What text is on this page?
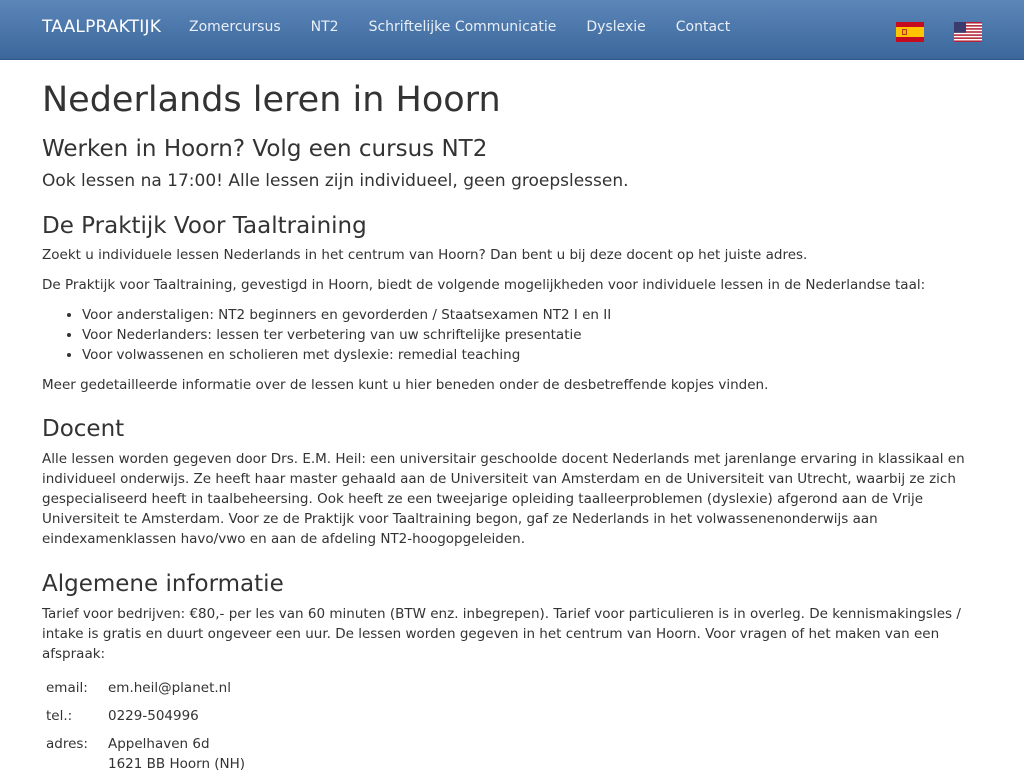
TAALPRAKTIJK	Zomercursus	NT2	Schriftelijke Communicatie	Dyslexie	Contact
Nederlands leren in Hoorn
Werken in Hoorn? Volg een cursus NT2

Ook lessen na 17:00! Alle lessen zijn individueel, geen groepslessen.

De Praktijk Voor Taaltraining

Zoekt u individuele lessen Nederlands in het centrum van Hoorn? Dan bent u bij deze docent op het juiste adres.

De Praktijk voor Taaltraining, gevestigd in Hoorn, biedt de volgende mogelijkheden voor individuele lessen in de Nederlandse taal:

• Voor anderstaligen: NT2 beginners en gevorderden / Staatsexamen NT2 I en II
• Voor Nederlanders: lessen ter verbetering van uw schriftelijke presentatie
• Voor volwassenen en scholieren met dyslexie: remedial teaching

Meer gedetailleerde informatie over de lessen kunt u hier beneden onder de desbetreffende kopjes vinden.

Docent

Alle lessen worden gegeven door Drs. E.M. Heil: een universitair geschoolde docent Nederlands met jarenlange ervaring in klassikaal en individueel onderwijs. Ze heeft haar master gehaald aan de Universiteit van Amsterdam en de Universiteit van Utrecht, waarbij ze zich gespecialiseerd heeft in taalbeheersing. Ook heeft ze een tweejarige opleiding taalleerproblemen (dyslexie) afgerond aan de Vrije Universiteit te Amsterdam. Voor ze de Praktijk voor Taaltraining begon, gaf ze Nederlands in het volwassenenonderwijs aan eindexamenklassen havo/vwo en aan de afdeling NT2-hoogopgeleiden.

Algemene informatie

Tarief voor bedrijven: €80,- per les van 60 minuten (BTW enz. inbegrepen). Tarief voor particulieren is in overleg. De kennismakingsles / intake is gratis en duurt ongeveer een uur. De lessen worden gegeven in het centrum van Hoorn. Voor vragen of het maken van een afspraak:

email:	em.heil@planet.nl
tel.:	0229-504996
adres:	Appelhaven 6d
1621 BB Hoorn (NH)
